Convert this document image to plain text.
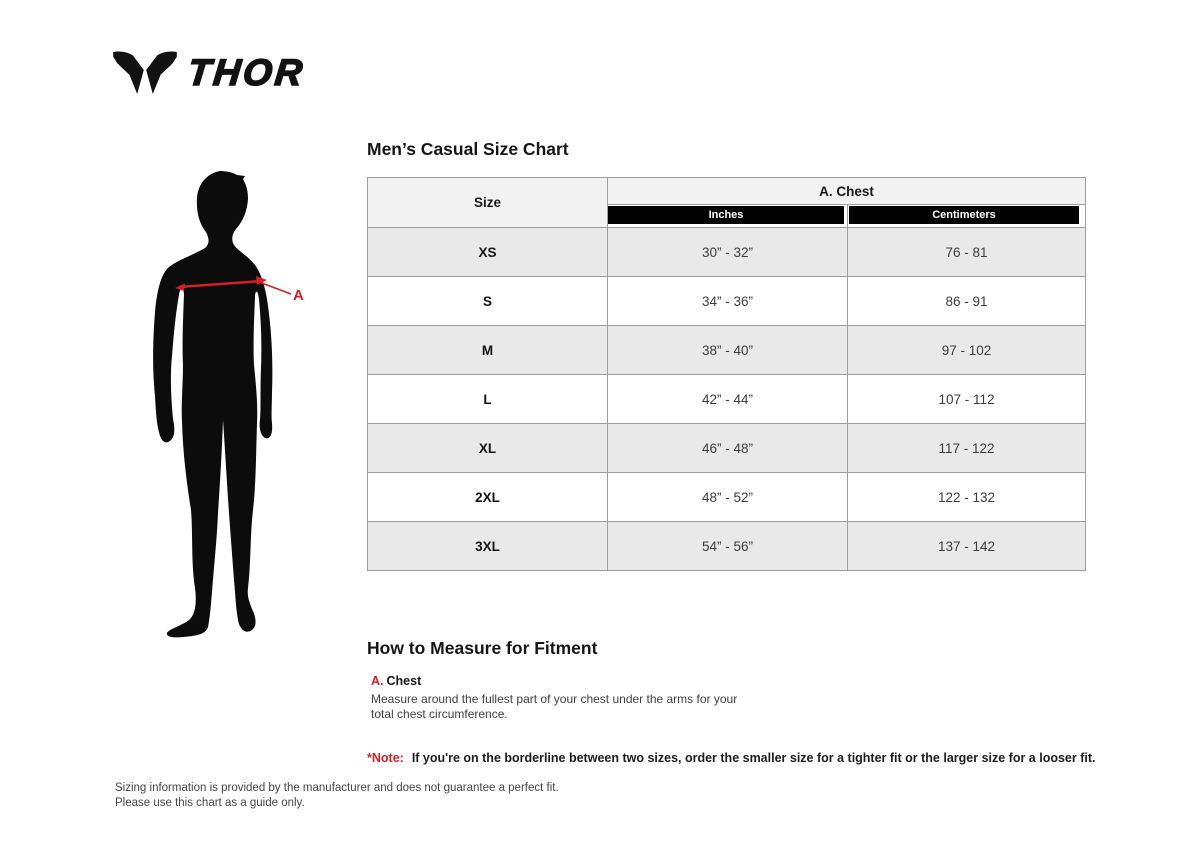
THOR
A
Men’s Casual Size Chart
Size	A. Chest	

	Inches	Centimeters

XS	30” - 32”	76 - 81
S	34” - 36”	86 - 91
M	38” - 40”	97 - 102
L	42” - 44”	107 - 112
XL	46” - 48”	117 - 122
2XL	48” - 52”	122 - 132
3XL	54” - 56”	137 - 142
How to Measure for Fitment
A. Chest
Measure around the fullest part of your chest under the arms for your total chest circumference.
*Note: If you're on the borderline between two sizes, order the smaller size for a tighter fit or the larger size for a looser fit.
Sizing information is provided by the manufacturer and does not guarantee a perfect fit.
Please use this chart as a guide only.
